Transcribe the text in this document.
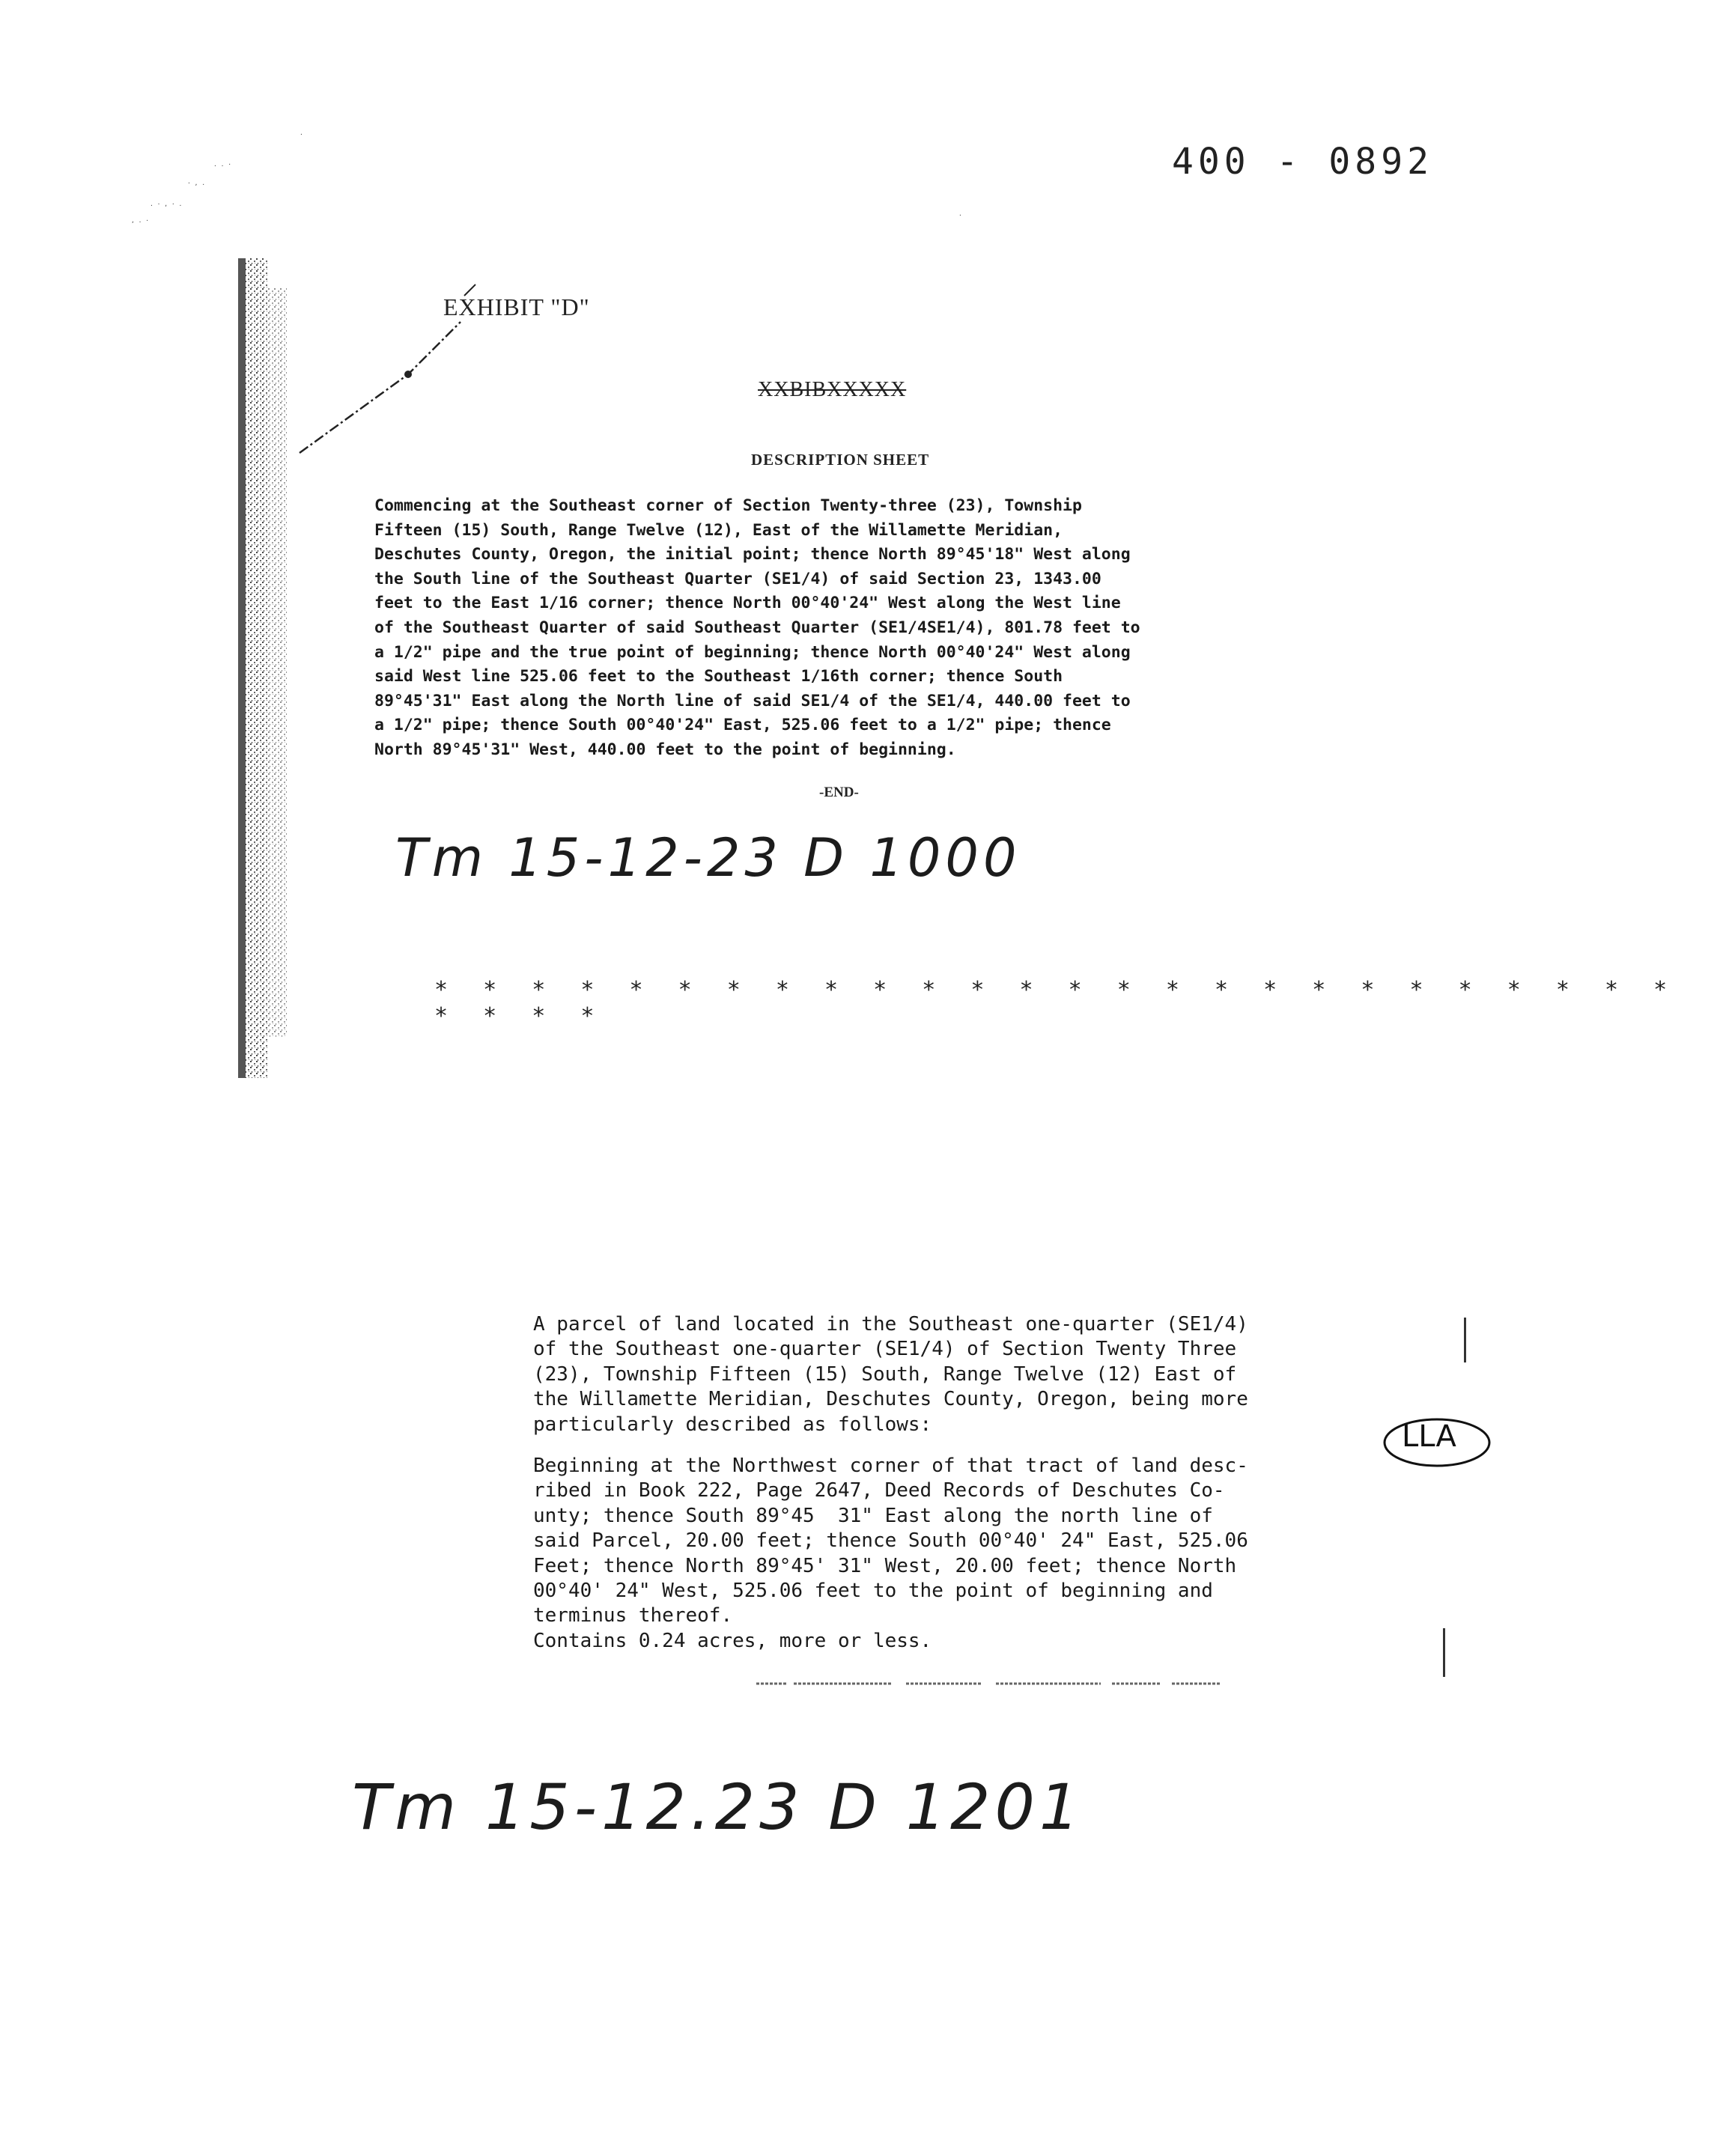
. . ·
· , .
. · , · .
, . ·
·
·
400 - 0892
EXHIBIT "D"
XXBIBXXXXX
DESCRIPTION SHEET
Commencing at the Southeast corner of Section Twenty-three (23), Township
Fifteen (15) South, Range Twelve (12), East of the Willamette Meridian,
Deschutes County, Oregon, the initial point; thence North 89°45'18" West along
the South line of the Southeast Quarter (SE1/4) of said Section 23, 1343.00
feet to the East 1/16 corner; thence North 00°40'24" West along the West line
of the Southeast Quarter of said Southeast Quarter (SE1/4SE1/4), 801.78 feet to
a 1/2" pipe and the true point of beginning; thence North 00°40'24" West along
said West line 525.06 feet to the Southeast 1/16th corner; thence South
89°45'31" East along the North line of said SE1/4 of the SE1/4, 440.00 feet to
a 1/2" pipe; thence South 00°40'24" East, 525.06 feet to a 1/2" pipe; thence
North 89°45'31" West, 440.00 feet to the point of beginning.
-END-
Tm 15-12-23 D 1000
* * * * * * * * * * * * * * * * * * * * * * * * * * * * * *
A parcel of land located in the Southeast one-quarter (SE1/4)
of the Southeast one-quarter (SE1/4) of Section Twenty Three
(23), Township Fifteen (15) South, Range Twelve (12) East of
the Willamette Meridian, Deschutes County, Oregon, being more
particularly described as follows:
Beginning at the Northwest corner of that tract of land desc-
ribed in Book 222, Page 2647, Deed Records of Deschutes Co-
unty; thence South 89°45  31" East along the north line of
said Parcel, 20.00 feet; thence South 00°40' 24" East, 525.06
Feet; thence North 89°45' 31" West, 20.00 feet; thence North
00°40' 24" West, 525.06 feet to the point of beginning and
terminus thereof.
Contains 0.24 acres, more or less.
LLA
Tm 15-12.23 D 1201
